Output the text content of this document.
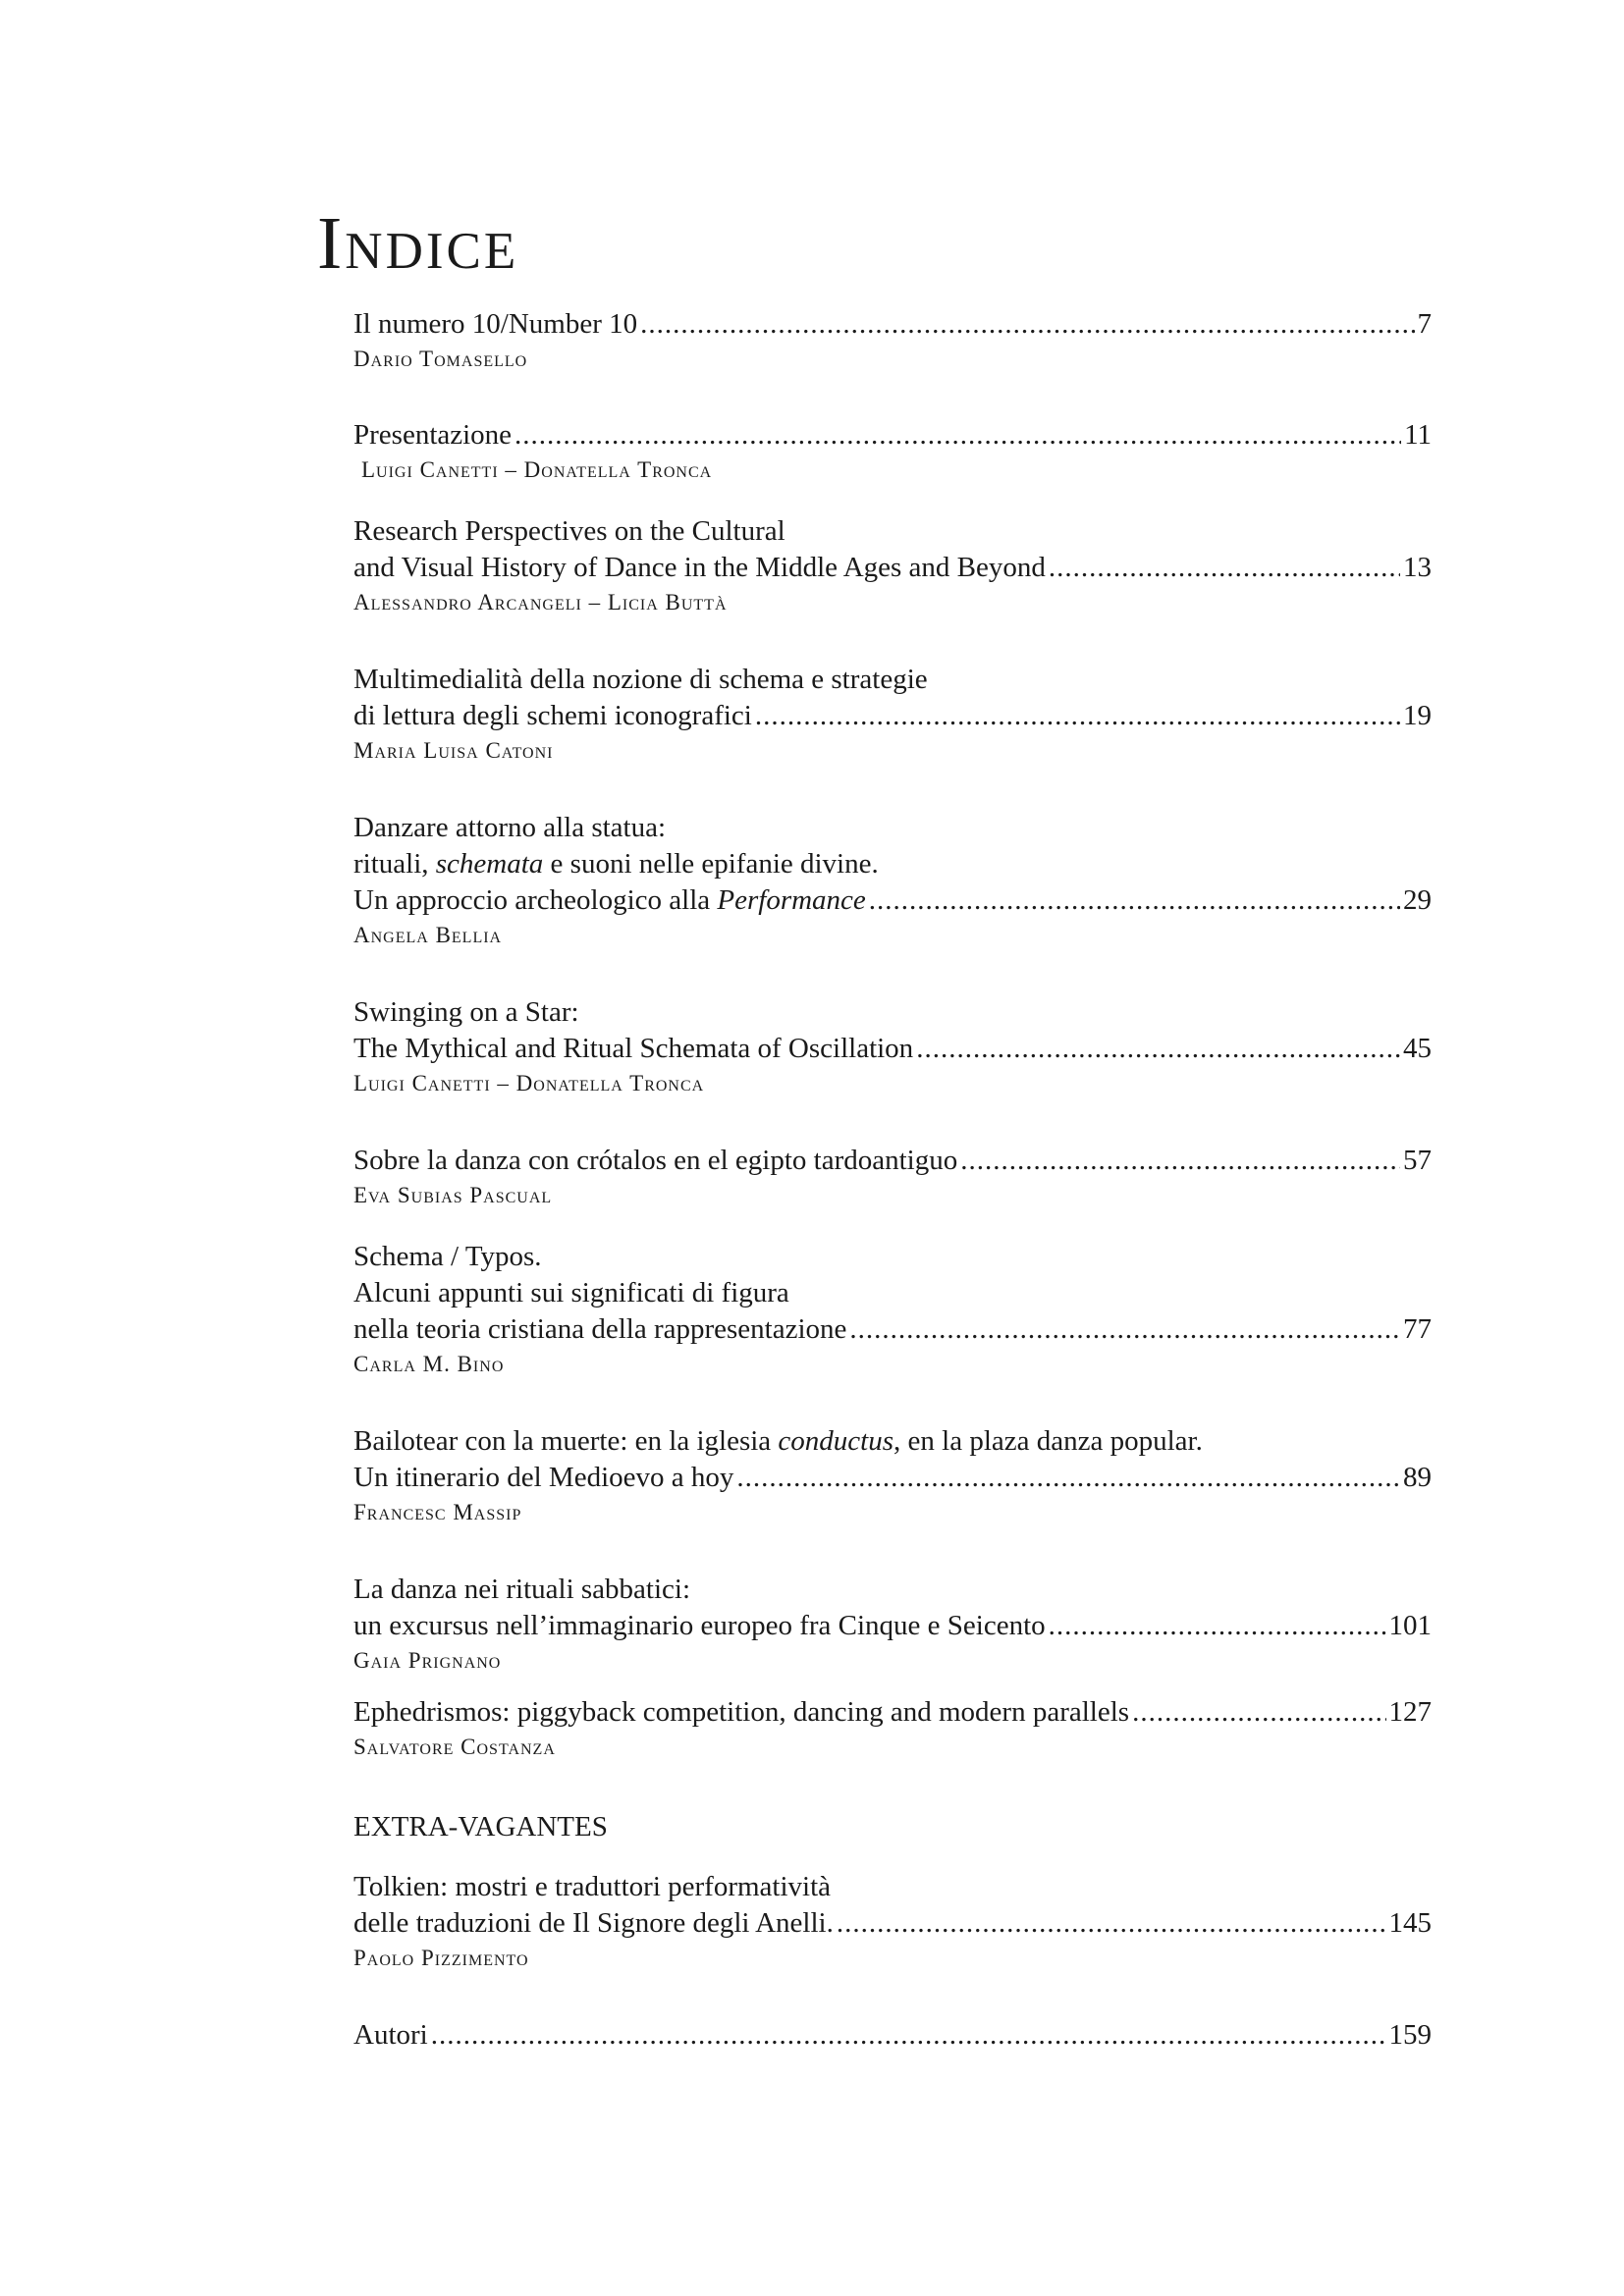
Indice
Il numero 10/Number 10 .....	7
Dario Tomasello
Presentazione .....	11
Luigi Canetti – Donatella Tronca
Research Perspectives on the Cultural
and Visual History of Dance in the Middle Ages and Beyond .....	13
Alessandro Arcangeli – Licia Buttà
Multimedialità della nozione di schema e strategie
di lettura degli schemi iconografici .....	19
Maria Luisa Catoni
Danzare attorno alla statua:
rituali, schemata e suoni nelle epifanie divine.
Un approccio archeologico alla Performance .....	29
Angela Bellia
Swinging on a Star:
The Mythical and Ritual Schemata of Oscillation .....	45
Luigi Canetti – Donatella Tronca
Sobre la danza con crótalos en el egipto tardoantiguo .....	57
Eva Subias Pascual
Schema / Typos.
Alcuni appunti sui significati di figura
nella teoria cristiana della rappresentazione .....	77
Carla M. Bino
Bailotear con la muerte: en la iglesia conductus, en la plaza danza popular.
Un itinerario del Medioevo a hoy .....	89
Francesc Massip
La danza nei rituali sabbatici:
un excursus nell’immaginario europeo fra Cinque e Seicento .....	101
Gaia Prignano
Ephedrismos: piggyback competition, dancing and modern parallels .....	127
Salvatore Costanza
EXTRA-VAGANTES
Tolkien: mostri e traduttori performatività
delle traduzioni de Il Signore degli Anelli. .....	145
Paolo Pizzimento
Autori .....	159
